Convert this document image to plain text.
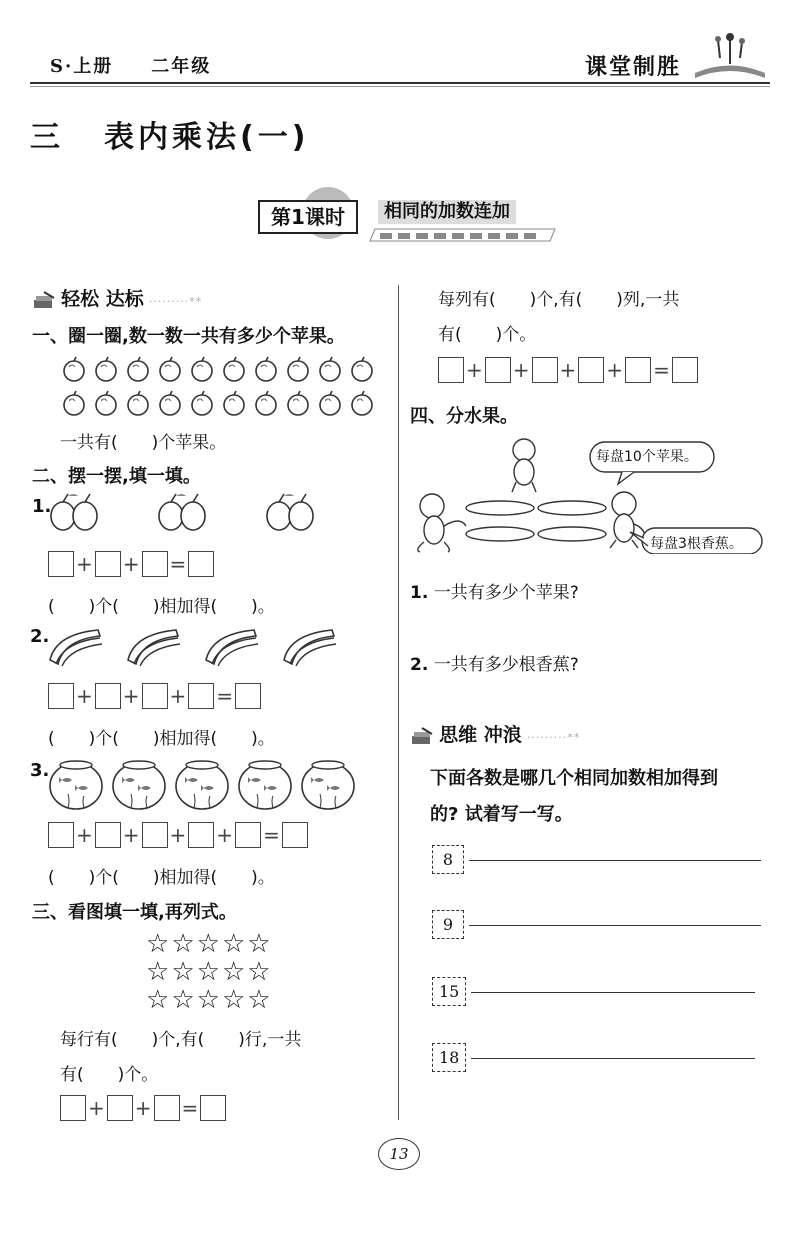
S·上册 二年级	课堂制胜
三 表内乘法(一)
第1课时	相同的加数连加
轻松 达标 ·········**
一、圈一圈,数一数一共有多少个苹果。
一共有(　　)个苹果。
二、摆一摆,填一填。
1.
+ + =
(　　)个(　　)相加得(　　)。
2.
+ + + =
(　　)个(　　)相加得(　　)。
3.
+ + + + =
(　　)个(　　)相加得(　　)。
三、看图填一填,再列式。
☆☆☆☆☆
☆☆☆☆☆
☆☆☆☆☆
每行有(　　)个,有(　　)行,一共
有(　　)个。
+ + =
每列有(　　)个,有(　　)列,一共
有(　　)个。
+ + + + =
四、分水果。
每盘10个苹果。
每盘3根香蕉。
1. 一共有多少个苹果?
2. 一共有多少根香蕉?
思维 冲浪 ·········**
下面各数是哪几个相同加数相加得到
的? 试着写一写。
8
9
15
18
13
